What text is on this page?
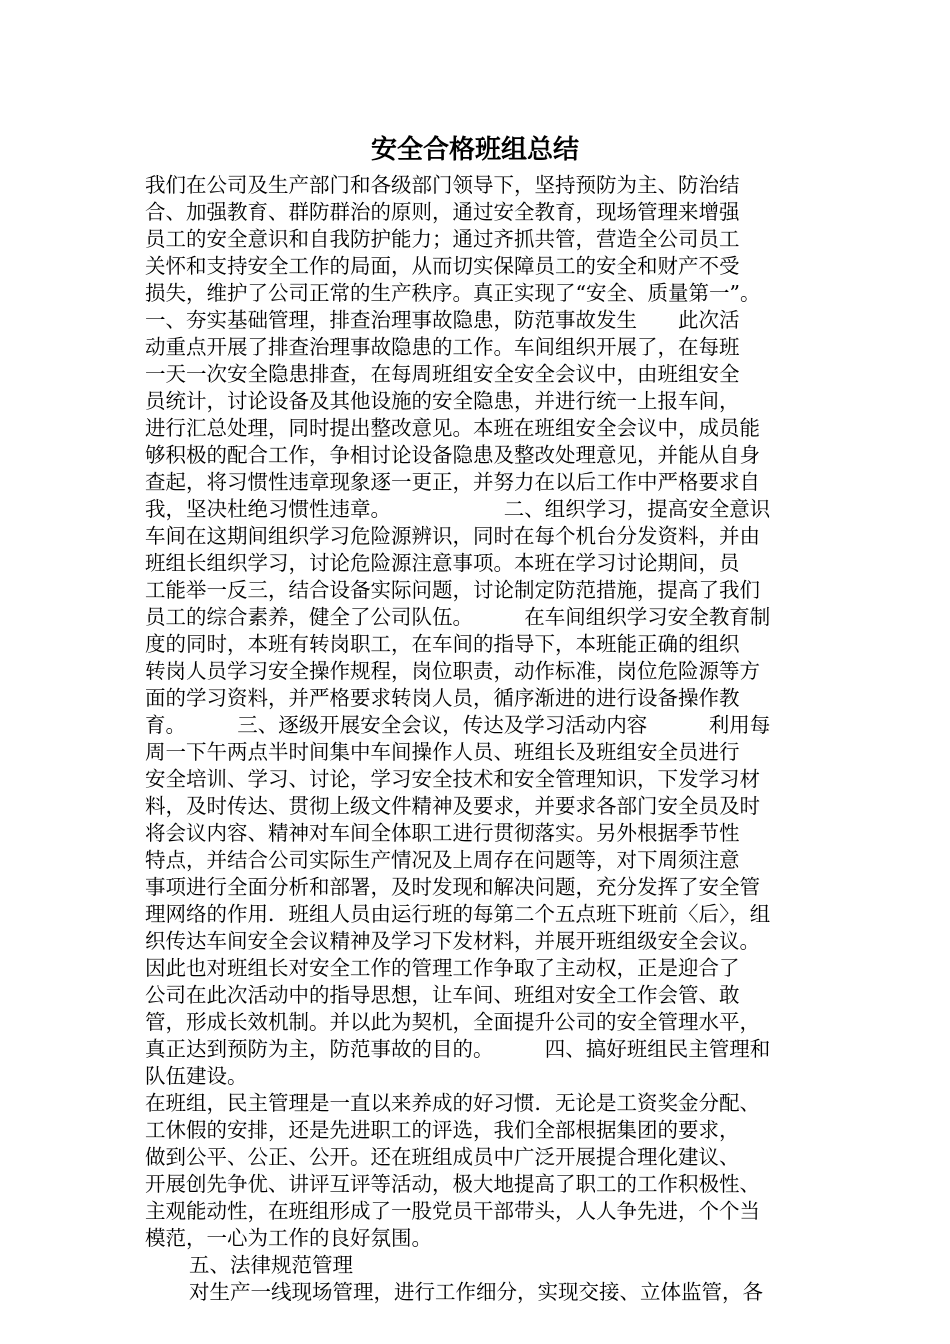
安全合格班组总结
我们在公司及生产部门和各级部门领导下，坚持预防为主、防治结
合、加强教育、群防群治的原则，通过安全教育，现场管理来增强
员工的安全意识和自我防护能力；通过齐抓共管，营造全公司员工
关怀和支持安全工作的局面，从而切实保障员工的安全和财产不受
损失，维护了公司正常的生产秩序。真正实现了“安全、质量第一”。
一、夯实基础管理，排查治理事故隐患，防范事故发生　　此次活
动重点开展了排查治理事故隐患的工作。车间组织开展了，在每班
一天一次安全隐患排查，在每周班组安全安全会议中，由班组安全
员统计，讨论设备及其他设施的安全隐患，并进行统一上报车间，
进行汇总处理，同时提出整改意见。本班在班组安全会议中，成员能
够积极的配合工作，争相讨论设备隐患及整改处理意见，并能从自身
查起，将习惯性违章现象逐一更正，并努力在以后工作中严格要求自
我，坚决杜绝习惯性违章。　　　　　　二、组织学习，提高安全意识
车间在这期间组织学习危险源辨识，同时在每个机台分发资料，并由
班组长组织学习，讨论危险源注意事项。本班在学习讨论期间，员
工能举一反三，结合设备实际问题，讨论制定防范措施，提高了我们
员工的综合素养，健全了公司队伍。　　　在车间组织学习安全教育制
度的同时，本班有转岗职工，在车间的指导下，本班能正确的组织
转岗人员学习安全操作规程，岗位职责，动作标准，岗位危险源等方
面的学习资料，并严格要求转岗人员，循序渐进的进行设备操作教
育。　　　三、逐级开展安全会议，传达及学习活动内容　　　利用每
周一下午两点半时间集中车间操作人员、班组长及班组安全员进行
安全培训、学习、讨论，学习安全技术和安全管理知识，下发学习材
料，及时传达、贯彻上级文件精神及要求，并要求各部门安全员及时
将会议内容、精神对车间全体职工进行贯彻落实。另外根据季节性
特点，并结合公司实际生产情况及上周存在问题等，对下周须注意
事项进行全面分析和部署，及时发现和解决问题，充分发挥了安全管
理网络的作用．班组人员由运行班的每第二个五点班下班前〈后〉，组
织传达车间安全会议精神及学习下发材料，并展开班组级安全会议。
因此也对班组长对安全工作的管理工作争取了主动权，正是迎合了
公司在此次活动中的指导思想，让车间、班组对安全工作会管、敢
管，形成长效机制。并以此为契机，全面提升公司的安全管理水平，
真正达到预防为主，防范事故的目的。　　　四、搞好班组民主管理和
队伍建设。
在班组，民主管理是一直以来养成的好习惯．无论是工资奖金分配、
工休假的安排，还是先进职工的评选，我们全部根据集团的要求，
做到公平、公正、公开。还在班组成员中广泛开展提合理化建议、
开展创先争优、讲评互评等活动，极大地提高了职工的工作积极性、
主观能动性，在班组形成了一股党员干部带头，人人争先进，个个当
模范，一心为工作的良好氛围。
五、法律规范管理
对生产一线现场管理，进行工作细分，实现交接、立体监管，各
